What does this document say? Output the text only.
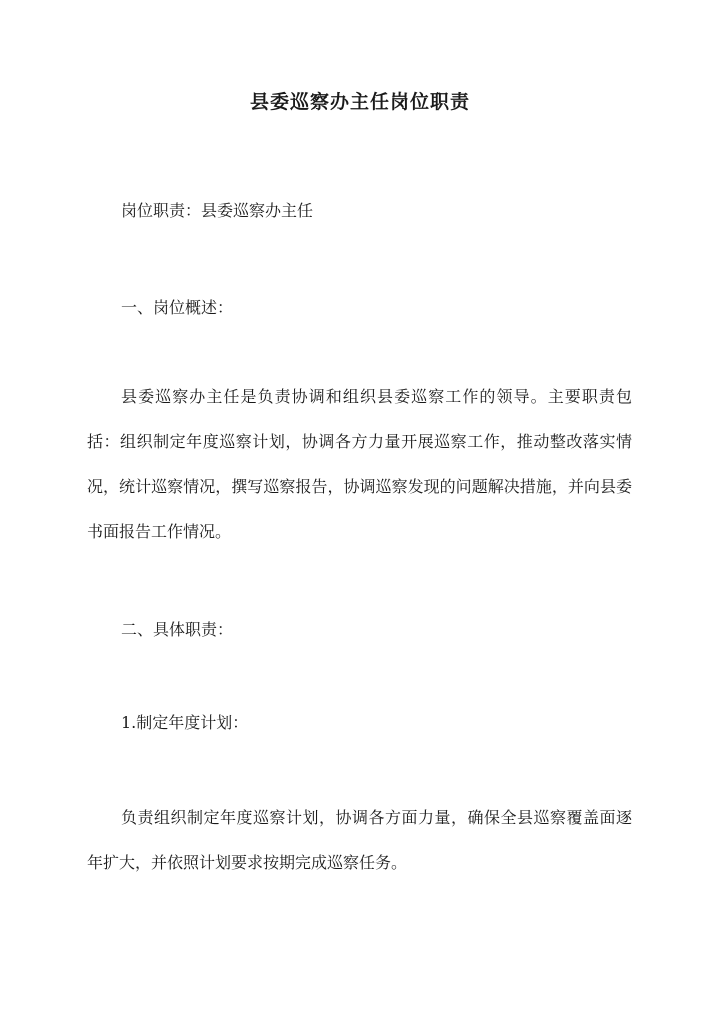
县委巡察办主任岗位职责

岗位职责：县委巡察办主任

一、岗位概述：

县委巡察办主任是负责协调和组织县委巡察工作的领导。主要职责包括：组织制定年度巡察计划，协调各方力量开展巡察工作，推动整改落实情况，统计巡察情况，撰写巡察报告，协调巡察发现的问题解决措施，并向县委书面报告工作情况。

二、具体职责：

1.制定年度计划：

负责组织制定年度巡察计划，协调各方面力量，确保全县巡察覆盖面逐年扩大，并依照计划要求按期完成巡察任务。
